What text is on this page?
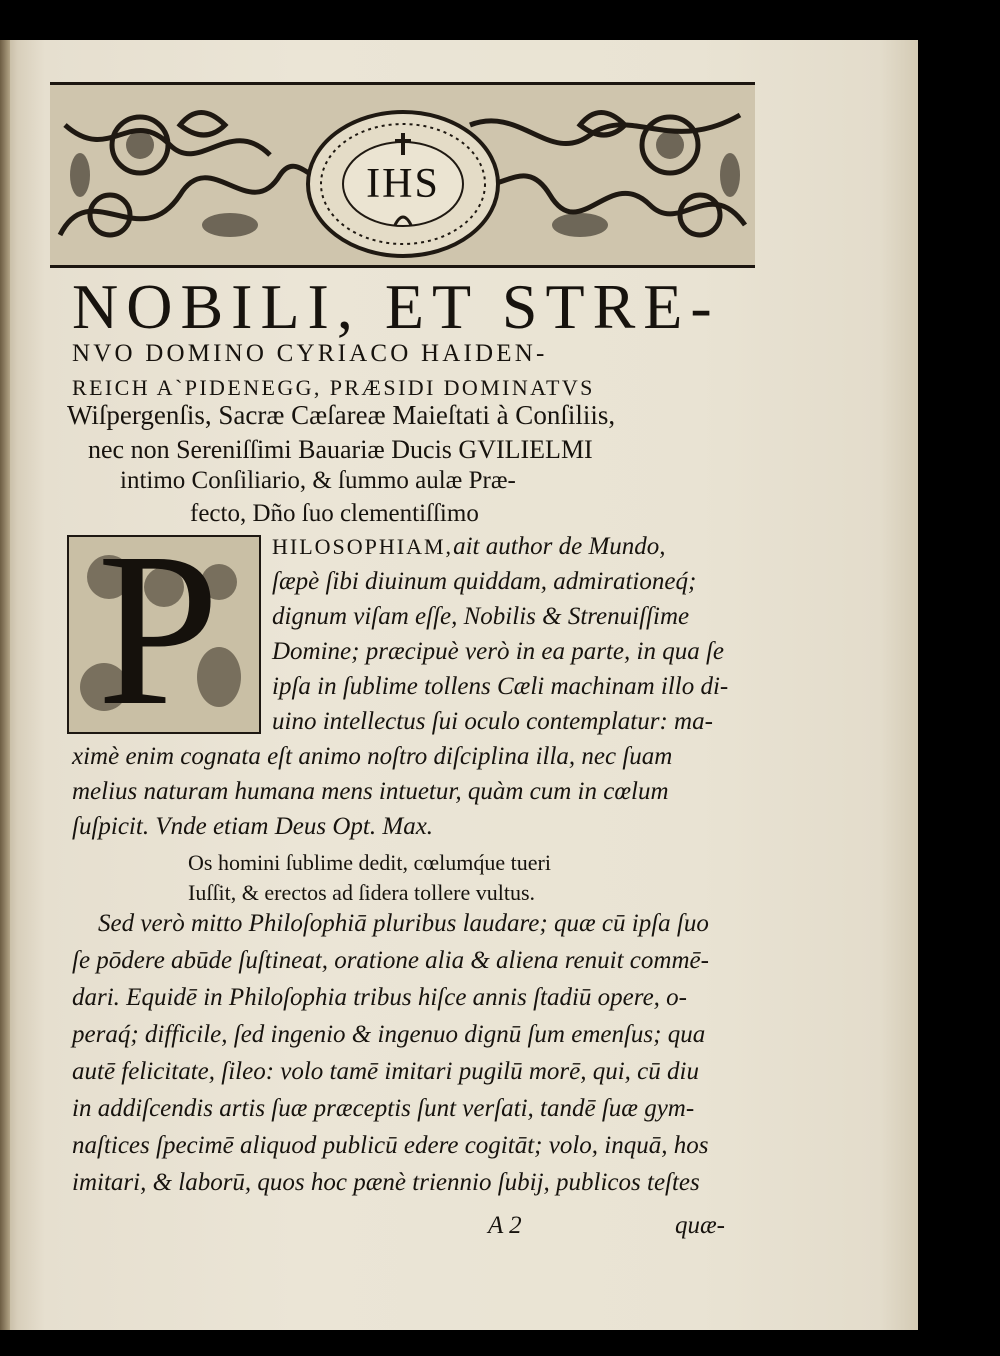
IHS
NOBILI, ET STRE-
NVO DOMINO CYRIACO HAIDEN-
REICH A`PIDENEGG, PRÆSIDI DOMINATVS
Wiſpergenſis, Sacræ Cæſareæ Maieſtati à Conſiliis,
nec non Sereniſſimi Bauariæ Ducis GVILIELMI
intimo Conſiliario, & ſummo aulæ Præ-
fecto, Dño ſuo clementiſſimo
P HILOSOPHIAM,ait author de Mundo,
ſæpè ſibi diuinum quiddam, admirationeq́;
dignum viſam eſſe, Nobilis & Strenuiſſime
Domine; præcipuè verò in ea parte, in qua ſe
ipſa in ſublime tollens Cæli machinam illo di-
uino intellectus ſui oculo contemplatur: ma-
ximè enim cognata eſt animo noſtro diſciplina illa, nec ſuam
melius naturam humana mens intuetur, quàm cum in cœlum
ſuſpicit. Vnde etiam Deus Opt. Max.
Os homini ſublime dedit, cœlumq́ue tueri
Iuſſit, & erectos ad ſidera tollere vultus.
Sed verò mitto Philoſophiā pluribus laudare; quæ cū ipſa ſuo
ſe pōdere abūde ſuſtineat, oratione alia & aliena renuit commē-
dari. Equidē in Philoſophia tribus hiſce annis ſtadiū opere, o-
peraq́; difficile, ſed ingenio & ingenuo dignū ſum emenſus; qua
autē felicitate, ſileo: volo tamē imitari pugilū morē, qui, cū diu
in addiſcendis artis ſuæ præceptis ſunt verſati, tandē ſuæ gym-
naſtices ſpecimē aliquod publicū edere cogitāt; volo, inquā, hos
imitari, & laborū, quos hoc pænè triennio ſubij, publicos teſtes
A 2	quæ-
